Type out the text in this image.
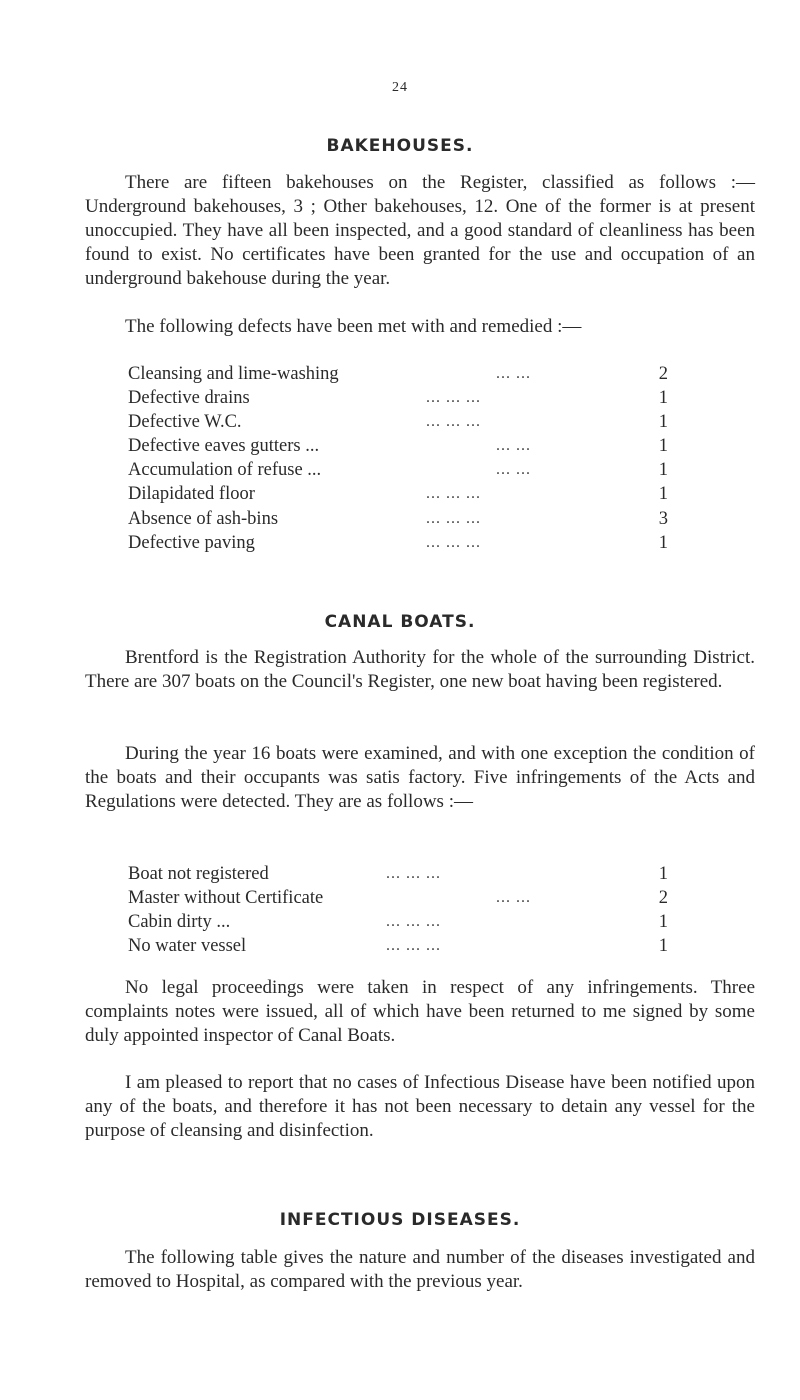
24
BAKEHOUSES.

There are fifteen bakehouses on the Register, classified as follows :—Underground bakehouses, 3 ; Other bakehouses, 12. One of the former is at present unoccupied. They have all been inspected, and a good standard of cleanliness has been found to exist. No certificates have been granted for the use and occupation of an underground bakehouse during the year.

The following defects have been met with and remedied :—

Cleansing and lime-washing	... ...	2
Defective drains	... ... ...	1
Defective W.C.	... ... ...	1
Defective eaves gutters ...	... ...	1
Accumulation of refuse ...	... ...	1
Dilapidated floor	... ... ...	1
Absence of ash-bins	... ... ...	3
Defective paving	... ... ...	1
CANAL BOATS.

Brentford is the Registration Authority for the whole of the surrounding District. There are 307 boats on the Council's Register, one new boat having been registered.

During the year 16 boats were examined, and with one exception the condition of the boats and their occupants was satis factory. Five infringements of the Acts and Regulations were detected. They are as follows :—

Boat not registered	... ... ...	1
Master without Certificate	... ...	2
Cabin dirty ...	... ... ...	1
No water vessel	... ... ...	1

No legal proceedings were taken in respect of any infringements. Three complaints notes were issued, all of which have been returned to me signed by some duly appointed inspector of Canal Boats.

I am pleased to report that no cases of Infectious Disease have been notified upon any of the boats, and therefore it has not been necessary to detain any vessel for the purpose of cleansing and disinfection.

INFECTIOUS DISEASES.

The following table gives the nature and number of the diseases investigated and removed to Hospital, as compared with the previous year.
